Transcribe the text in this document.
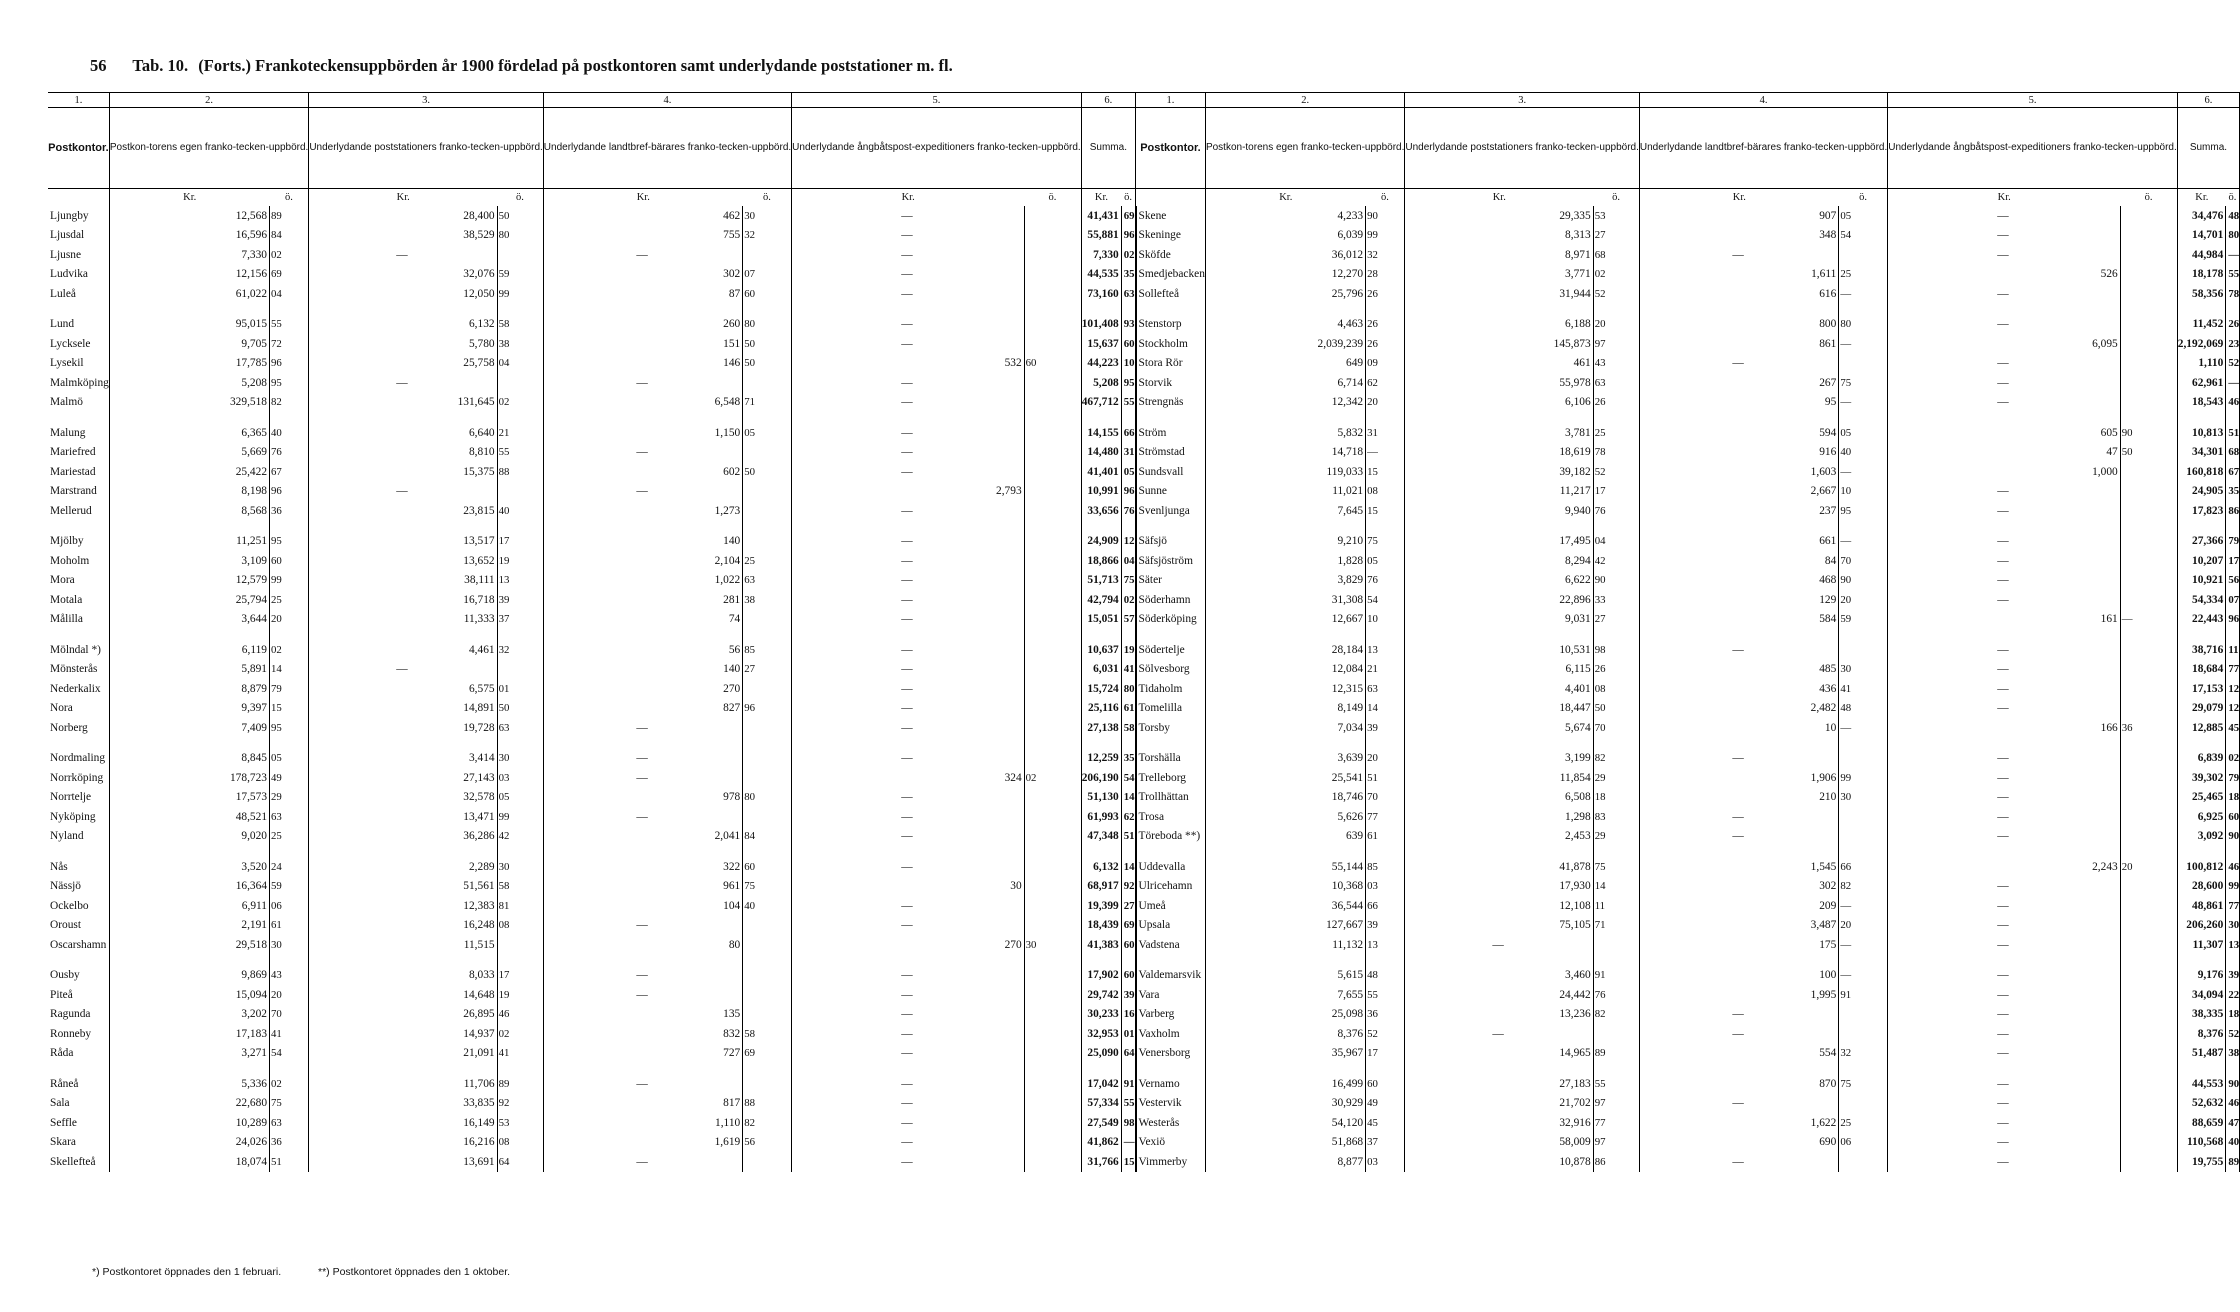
56 Tab. 10. (Forts.) Frankoteckensuppbörden år 1900 fördelad på postkontoren samt underlydande poststationer m. fl.
1.	2.		3.		4.		5.		6.		1.	2.		3.		4.		5.		6.	
Postkontor.	Postkon-torens egen franko-tecken-uppbörd.		Underlydande poststationers franko-tecken-uppbörd.		Underlydande landtbref-bärares franko-tecken-uppbörd.		Underlydande ångbåtspost-expeditioners franko-tecken-uppbörd.		Summa.		Postkontor.	Postkon-torens egen franko-tecken-uppbörd.		Underlydande poststationers franko-tecken-uppbörd.		Underlydande landtbref-bärares franko-tecken-uppbörd.		Underlydande ångbåtspost-expeditioners franko-tecken-uppbörd.		Summa.	
	Kr.	ö.	Kr.	ö.	Kr.	ö.	Kr.	ö.	Kr.	ö.		Kr.	ö.	Kr.	ö.	Kr.	ö.	Kr.	ö.	Kr.	ö.
Ljungby	12,568	89	28,400	50	462	30	—		41,431	69	Skene	4,233	90	29,335	53	907	05	—		34,476	48
Ljusdal	16,596	84	38,529	80	755	32	—		55,881	96	Skeninge	6,039	99	8,313	27	348	54	—		14,701	80
Ljusne	7,330	02	—		—		—		7,330	02	Sköfde	36,012	32	8,971	68	—		—		44,984	—
Ludvika	12,156	69	32,076	59	302	07	—		44,535	35	Smedjebacken	12,270	28	3,771	02	1,611	25	526		18,178	55
Luleå	61,022	04	12,050	99	87	60	—		73,160	63	Sollefteå	25,796	26	31,944	52	616	—	—		58,356	78

Lund	95,015	55	6,132	58	260	80	—		101,408	93	Stenstorp	4,463	26	6,188	20	800	80	—		11,452	26
Lycksele	9,705	72	5,780	38	151	50	—		15,637	60	Stockholm	2,039,239	26	145,873	97	861	—	6,095		2,192,069	23
Lysekil	17,785	96	25,758	04	146	50	532	60	44,223	10	Stora Rör	649	09	461	43	—		—		1,110	52
Malmköping	5,208	95	—		—		—		5,208	95	Storvik	6,714	62	55,978	63	267	75	—		62,961	—
Malmö	329,518	82	131,645	02	6,548	71	—		467,712	55	Strengnäs	12,342	20	6,106	26	95	—	—		18,543	46

Malung	6,365	40	6,640	21	1,150	05	—		14,155	66	Ström	5,832	31	3,781	25	594	05	605	90	10,813	51
Mariefred	5,669	76	8,810	55	—		—		14,480	31	Strömstad	14,718	—	18,619	78	916	40	47	50	34,301	68
Mariestad	25,422	67	15,375	88	602	50	—		41,401	05	Sundsvall	119,033	15	39,182	52	1,603	—	1,000		160,818	67
Marstrand	8,198	96	—		—		2,793		10,991	96	Sunne	11,021	08	11,217	17	2,667	10	—		24,905	35
Mellerud	8,568	36	23,815	40	1,273		—		33,656	76	Svenljunga	7,645	15	9,940	76	237	95	—		17,823	86

Mjölby	11,251	95	13,517	17	140		—		24,909	12	Säfsjö	9,210	75	17,495	04	661	—	—		27,366	79
Moholm	3,109	60	13,652	19	2,104	25	—		18,866	04	Säfsjöström	1,828	05	8,294	42	84	70	—		10,207	17
Mora	12,579	99	38,111	13	1,022	63	—		51,713	75	Säter	3,829	76	6,622	90	468	90	—		10,921	56
Motala	25,794	25	16,718	39	281	38	—		42,794	02	Söderhamn	31,308	54	22,896	33	129	20	—		54,334	07
Målilla	3,644	20	11,333	37	74		—		15,051	57	Söderköping	12,667	10	9,031	27	584	59	161	—	22,443	96

Mölndal *)	6,119	02	4,461	32	56	85	—		10,637	19	Södertelje	28,184	13	10,531	98	—		—		38,716	11
Mönsterås	5,891	14	—		140	27	—		6,031	41	Sölvesborg	12,084	21	6,115	26	485	30	—		18,684	77
Nederkalix	8,879	79	6,575	01	270		—		15,724	80	Tidaholm	12,315	63	4,401	08	436	41	—		17,153	12
Nora	9,397	15	14,891	50	827	96	—		25,116	61	Tomelilla	8,149	14	18,447	50	2,482	48	—		29,079	12
Norberg	7,409	95	19,728	63	—		—		27,138	58	Torsby	7,034	39	5,674	70	10	—	166	36	12,885	45

Nordmaling	8,845	05	3,414	30	—		—		12,259	35	Torshälla	3,639	20	3,199	82	—		—		6,839	02
Norrköping	178,723	49	27,143	03	—		324	02	206,190	54	Trelleborg	25,541	51	11,854	29	1,906	99	—		39,302	79
Norrtelje	17,573	29	32,578	05	978	80	—		51,130	14	Trollhättan	18,746	70	6,508	18	210	30	—		25,465	18
Nyköping	48,521	63	13,471	99	—		—		61,993	62	Trosa	5,626	77	1,298	83	—		—		6,925	60
Nyland	9,020	25	36,286	42	2,041	84	—		47,348	51	Töreboda **)	639	61	2,453	29	—		—		3,092	90

Nås	3,520	24	2,289	30	322	60	—		6,132	14	Uddevalla	55,144	85	41,878	75	1,545	66	2,243	20	100,812	46
Nässjö	16,364	59	51,561	58	961	75	30		68,917	92	Ulricehamn	10,368	03	17,930	14	302	82	—		28,600	99
Ockelbo	6,911	06	12,383	81	104	40	—		19,399	27	Umeå	36,544	66	12,108	11	209	—	—		48,861	77
Oroust	2,191	61	16,248	08	—		—		18,439	69	Upsala	127,667	39	75,105	71	3,487	20	—		206,260	30
Oscarshamn	29,518	30	11,515		80		270	30	41,383	60	Vadstena	11,132	13	—		175	—	—		11,307	13

Ousby	9,869	43	8,033	17	—		—		17,902	60	Valdemarsvik	5,615	48	3,460	91	100	—	—		9,176	39
Piteå	15,094	20	14,648	19	—		—		29,742	39	Vara	7,655	55	24,442	76	1,995	91	—		34,094	22
Ragunda	3,202	70	26,895	46	135		—		30,233	16	Varberg	25,098	36	13,236	82	—		—		38,335	18
Ronneby	17,183	41	14,937	02	832	58	—		32,953	01	Vaxholm	8,376	52	—		—		—		8,376	52
Råda	3,271	54	21,091	41	727	69	—		25,090	64	Venersborg	35,967	17	14,965	89	554	32	—		51,487	38

Råneå	5,336	02	11,706	89	—		—		17,042	91	Vernamo	16,499	60	27,183	55	870	75	—		44,553	90
Sala	22,680	75	33,835	92	817	88	—		57,334	55	Vestervik	30,929	49	21,702	97	—		—		52,632	46
Seffle	10,289	63	16,149	53	1,110	82	—		27,549	98	Westerås	54,120	45	32,916	77	1,622	25	—		88,659	47
Skara	24,026	36	16,216	08	1,619	56	—		41,862	—	Vexiö	51,868	37	58,009	97	690	06	—		110,568	40
Skellefteå	18,074	51	13,691	64	—		—		31,766	15	Vimmerby	8,877	03	10,878	86	—		—		19,755	89
*) Postkontoret öppnades den 1 februari.	**) Postkontoret öppnades den 1 oktober.
